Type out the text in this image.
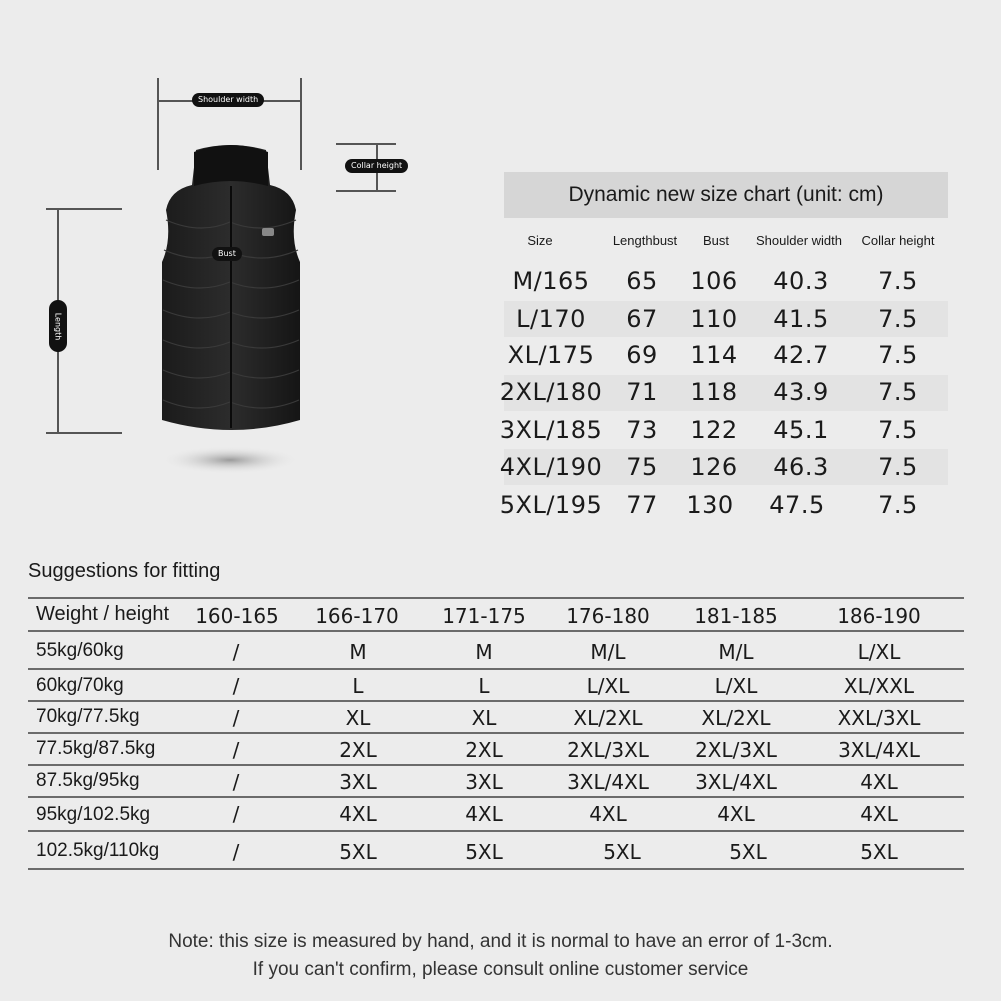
Shoulder width
Collar height
Bust
Length
Dynamic new size chart (unit: cm)
Size	Lengthbust	Bust	Shoulder width	Collar height
M/165	65	106	40.3	7.5
L/170	67	110	41.5	7.5
XL/175	69	114	42.7	7.5
2XL/180 71	118	43.9	7.5
3XL/185 73	122	45.1	7.5
4XL/190 75	126	46.3	7.5
5XL/195 77	130	47.5	7.5
Suggestions for fitting
Weight / height 160-165 166-170 171-175 176-180 181-185	186-190
55kg/60kg	/	M	M	M/L	M/L	L/XL
60kg/70kg	/	L	L	L/XL	L/XL	XL/XXL
70kg/77.5kg	/	XL	XL	XL/2XL	XL/2XL	XXL/3XL
77.5kg/87.5kg	/	2XL	2XL	2XL/3XL	2XL/3XL	3XL/4XL
87.5kg/95kg	/	3XL	3XL	3XL/4XL	3XL/4XL	4XL
95kg/102.5kg	/	4XL	4XL	4XL	4XL	4XL
102.5kg/110kg	/	5XL	5XL	5XL	5XL	5XL
Note: this size is measured by hand, and it is normal to have an error of 1-3cm.
If you can't confirm, please consult online customer service
